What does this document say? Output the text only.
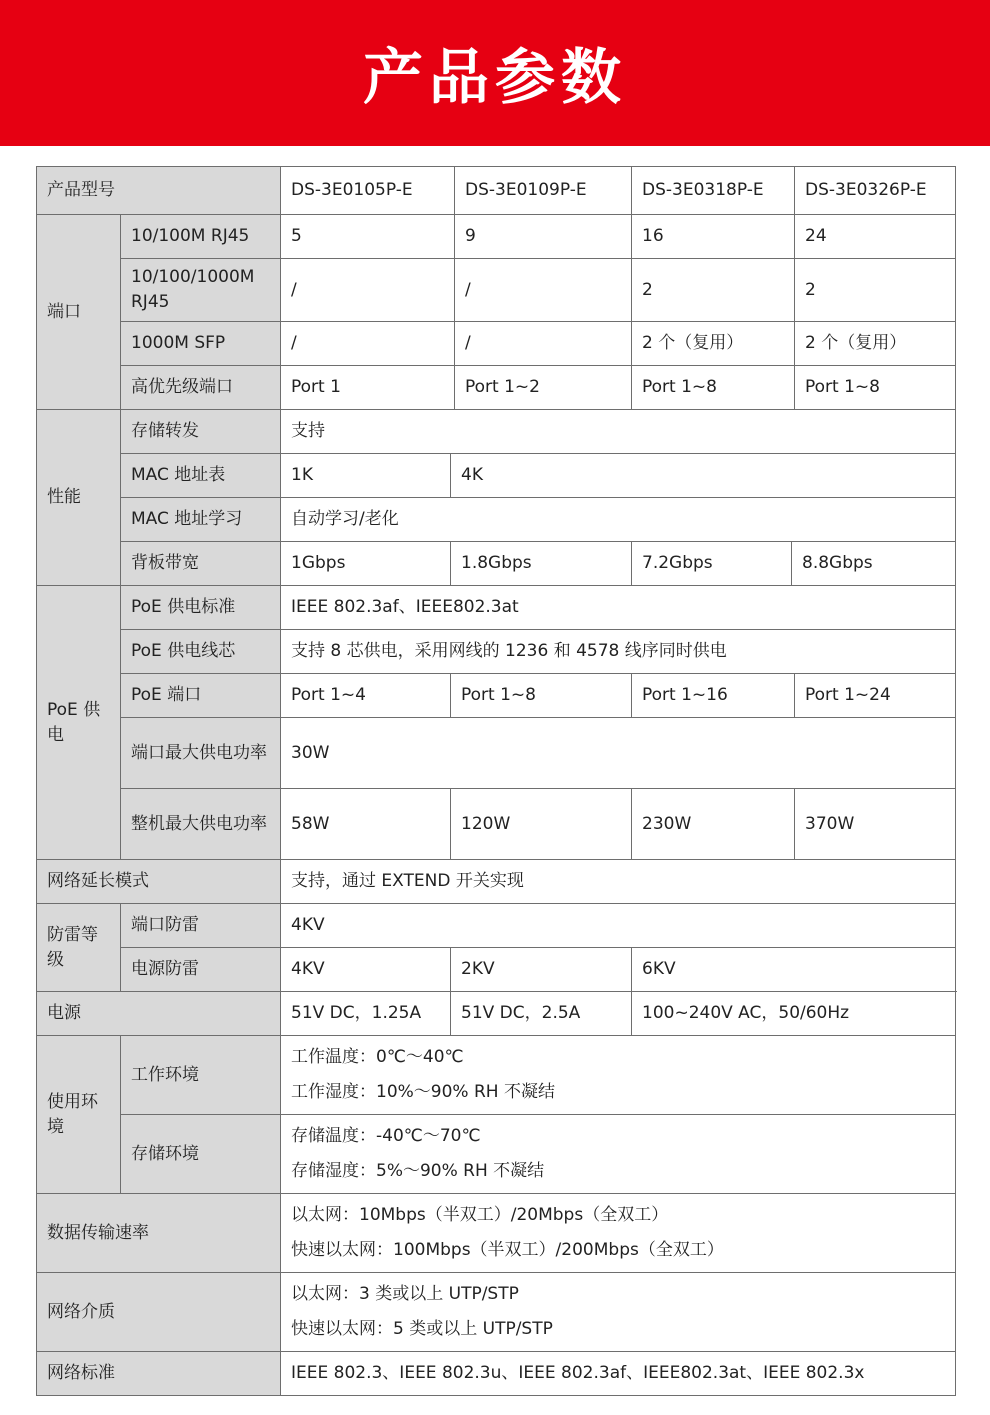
产品参数
产品型号		DS-3E0105P-E		DS-3E0109P-E	DS-3E0318P-E		DS-3E0326P-E
端口	10/100M RJ45	5		9	16		24
	10/100/1000M RJ45	/		/	2		2
	1000M SFP	/		/	2 个（复用）		2 个（复用）
	高优先级端口	Port 1		Port 1~2	Port 1~8		Port 1~8
性能	存储转发	支持					
	MAC 地址表	1K	4K				
	MAC 地址学习	自动学习/老化					
	背板带宽	1Gbps	1.8Gbps		7.2Gbps	8.8Gbps	
PoE 供电	PoE 供电标准	IEEE 802.3af、IEEE802.3at					
	PoE 供电线芯	支持 8 芯供电，采用网线的 1236 和 4578 线序同时供电					
	PoE 端口	Port 1~4	Port 1~8		Port 1~16		Port 1~24
	端口最大供电功率	30W					
	整机最大供电功率	58W	120W		230W		370W
网络延长模式		支持，通过 EXTEND 开关实现					
防雷等级	端口防雷	4KV					
	电源防雷	4KV	2KV		6KV		
电源		51V DC，1.25A	51V DC，2.5A		100~240V AC，50/60Hz		
使用环境	工作环境	工作温度：0℃～40℃
工作湿度：10%～90% RH 不凝结					

	存储环境	存储温度：-40℃～70℃
存储湿度：5%～90% RH 不凝结					

数据传输速率		以太网：10Mbps（半双工）/20Mbps（全双工）
快速以太网：100Mbps（半双工）/200Mbps（全双工）					

网络介质		以太网：3 类或以上 UTP/STP
快速以太网：5 类或以上 UTP/STP					

网络标准		IEEE 802.3、IEEE 802.3u、IEEE 802.3af、IEEE802.3at、IEEE 802.3x					
